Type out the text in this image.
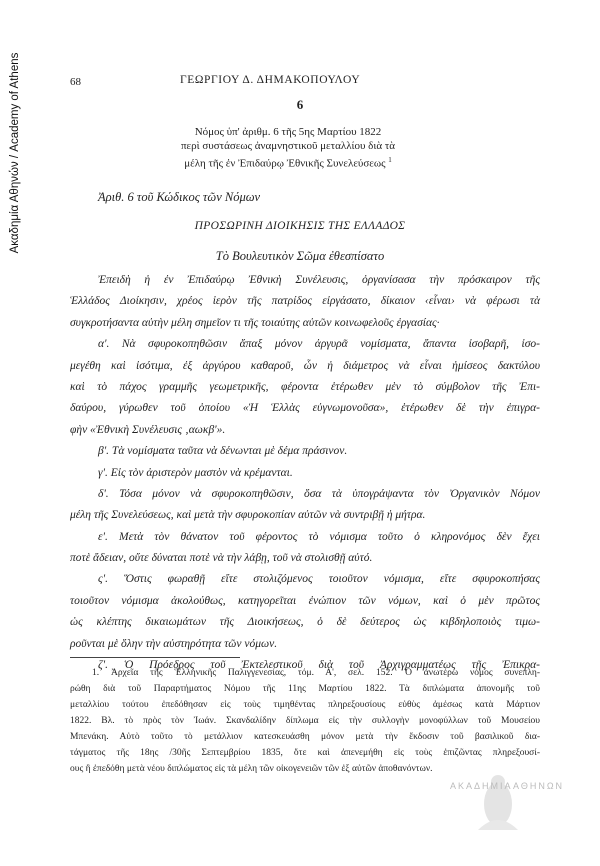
Ακαδημία Αθηνών / Academy of Athens	68	ΓΕΩΡΓΙΟΥ Δ. ΔΗΜΑΚΟΠΟΥΛΟΥ
6
Νόμος ὑπ' ἀριθμ. 6 τῆς 5ης Μαρτίου 1822
περὶ συστάσεως ἀναμνηστικοῦ μεταλλίου διὰ τὰ
μέλη τῆς ἐν Ἐπιδαύρῳ Ἐθνικῆς Συνελεύσεως $^1$
Ἀριθ. 6 τοῦ Κώδικος τῶν Νόμων
ΠΡΟΣΩΡΙΝΗ ΔΙΟΙΚΗΣΙΣ ΤΗΣ ΕΛΛΑΔΟΣ
Τὸ Βουλευτικὸν Σῶμα ἐθεσπίσατο
Ἐπειδὴ ἡ ἐν Ἐπιδαύρῳ Ἐθνικὴ Συνέλευσις, ὀργανίσασα τὴν πρόσκαιρον τῆς
Ἑλλάδος Διοίκησιν, χρέος ἱερὸν τῆς πατρίδος εἰργάσατο, δίκαιον ‹εἶναι› νὰ φέρωσι τὰ
συγκροτήσαντα αὐτὴν μέλη σημεῖον τι τῆς τοιαύτης αὐτῶν κοινωφελοῦς ἐργασίας·
α'. Νὰ σφυροκοπηθῶσιν ἅπαξ μόνον ἀργυρᾶ νομίσματα, ἅπαντα ἰσοβαρῆ, ἰσο-
μεγέθη καὶ ἰσότιμα, ἐξ ἀργύρου καθαροῦ, ὧν ἡ διάμετρος νὰ εἶναι ἡμίσεος δακτύλου
καὶ τὸ πάχος γραμμῆς γεωμετρικῆς, φέροντα ἑτέρωθεν μὲν τὸ σύμβολον τῆς Ἐπι-
δαύρου, γύρωθεν τοῦ ὁποίου «Ἡ Ἑλλὰς εὐγνωμονοῦσα», ἑτέρωθεν δὲ τὴν ἐπιγρα-
φὴν «Ἐθνικὴ Συνέλευσις ‚αωκβ'».
β'. Τὰ νομίσματα ταῦτα νὰ δένωνται μὲ δέμα πράσινον.
γ'. Εἰς τὸν ἀριστερὸν μαστὸν νὰ κρέμανται.
δ'. Τόσα μόνον νὰ σφυροκοπηθῶσιν, ὅσα τὰ ὑπογράψαντα τὸν Ὀργανικὸν Νόμον
μέλη τῆς Συνελεύσεως, καὶ μετὰ τὴν σφυροκοπίαν αὐτῶν νὰ συντριβῇ ἡ μήτρα.
ε'. Μετὰ τὸν θάνατον τοῦ φέροντος τὸ νόμισμα τοῦτο ὁ κληρονόμος δὲν ἔχει
ποτὲ ἄδειαν, οὔτε δύναται ποτὲ νὰ τὴν λάβῃ, τοῦ νὰ στολισθῇ αὐτό.
ς'. Ὅστις φωραθῇ εἴτε στολιζόμενος τοιοῦτον νόμισμα, εἴτε σφυροκοπήσας
τοιοῦτον νόμισμα ἀκολούθως, κατηγορεῖται ἐνώπιον τῶν νόμων, καὶ ὁ μὲν πρῶτος
ὡς κλέπτης δικαιωμάτων τῆς Διοικήσεως, ὁ δὲ δεύτερος ὡς κιβδηλοποιὸς τιμω-
ροῦνται μὲ ὅλην τὴν αὐστηρότητα τῶν νόμων.
ζ'. Ὁ Πρόεδρος τοῦ Ἐκτελεστικοῦ διὰ τοῦ Ἀρχιγραμματέως τῆς Ἐπικρα-
1. Ἀρχεῖα τῆς Ἑλληνικῆς Παλιγγενεσίας, τόμ. Α', σελ. 152. Ὁ ἀνωτέρω νόμος συνεπλη-
ρώθη διὰ τοῦ Παραρτήματος Νόμου τῆς 11ης Μαρτίου 1822. Τὰ διπλώματα ἀπονομῆς τοῦ
μεταλλίου τούτου ἐπεδόθησαν εἰς τοὺς τιμηθέντας πληρεξουσίους εὐθὺς ἀμέσως κατὰ Μάρτιον
1822. Βλ. τὸ πρὸς τὸν Ἰωάν. Σκανδαλίδην δίπλωμα εἰς τὴν συλλογὴν μονοφύλλων τοῦ Μουσείου
Μπενάκη. Αὐτὸ τοῦτο τὸ μετάλλιον κατεσκευάσθη μόνον μετὰ τὴν ἔκδοσιν τοῦ βασιλικοῦ δια-
τάγματος τῆς 18ης /30ῆς Σεπτεμβρίου 1835, ὅτε καὶ ἀπενεμήθη εἰς τοὺς ἐπιζῶντας πληρεξουσί-
ους ἢ ἐπεδόθη μετὰ νέου διπλώματος εἰς τὰ μέλη τῶν οἰκογενειῶν τῶν ἐξ αὐτῶν ἀποθανόντων.
ΑΚΑΔΗΜΙΑ ΑΘΗΝΩΝ
